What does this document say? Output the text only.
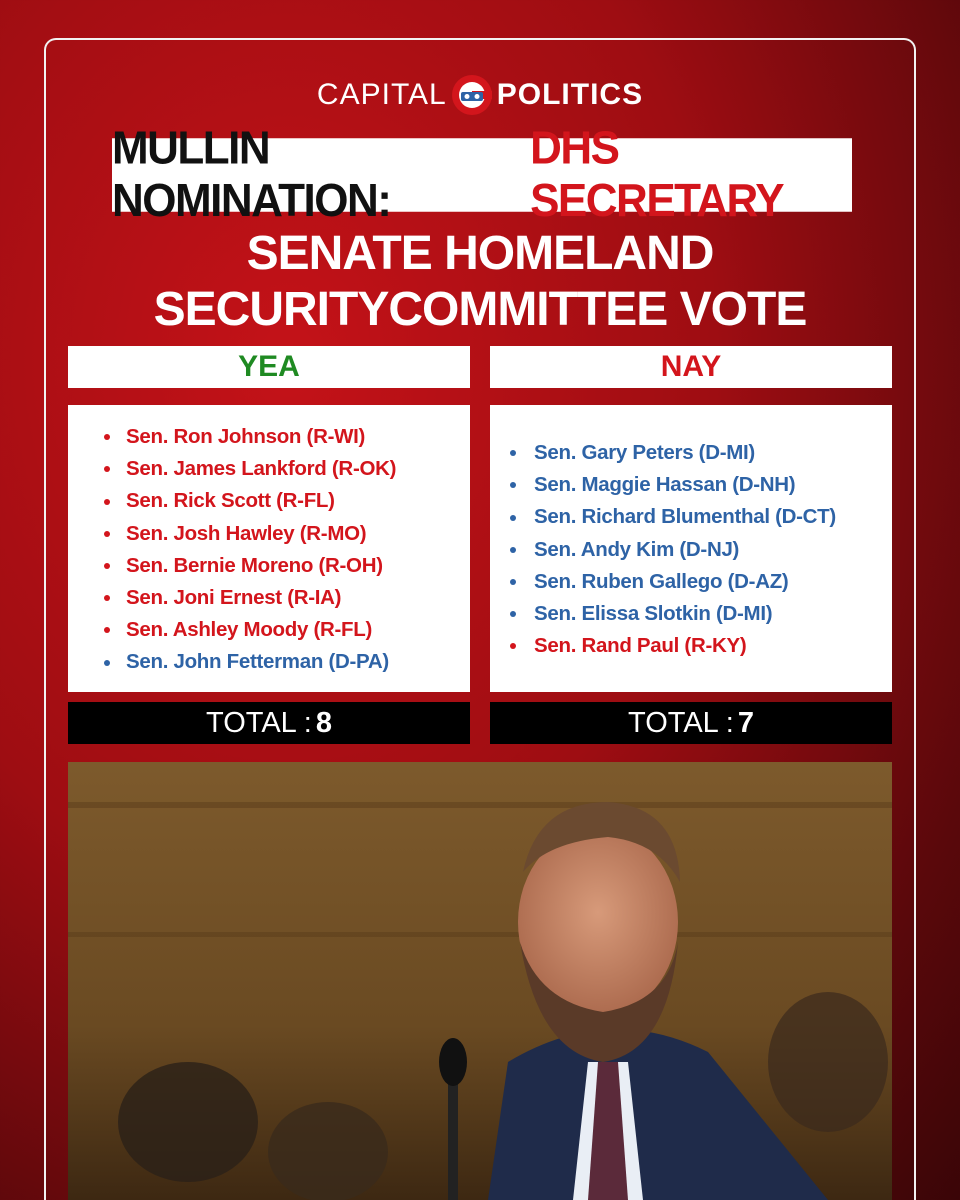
CAPITAL POLITICS
MULLIN NOMINATION:
DHS SECRETARY
SENATE HOMELAND
SECURITYCOMMITTEE VOTE
YEA	NAY
Sen. Ron Johnson (R-WI)
Sen. James Lankford (R-OK)
Sen. Rick Scott (R-FL)
Sen. Josh Hawley (R-MO)
Sen. Bernie Moreno (R-OH)
Sen. Joni Ernest (R-IA)
Sen. Ashley Moody (R-FL)
Sen. John Fetterman (D-PA)
Sen. Gary Peters (D-MI)
Sen. Maggie Hassan (D-NH)
Sen. Richard Blumenthal (D-CT)
Sen. Andy Kim (D-NJ)
Sen. Ruben Gallego (D-AZ)
Sen. Elissa Slotkin (D-MI)
Sen. Rand Paul (R-KY)
TOTAL : 8	TOTAL : 7
